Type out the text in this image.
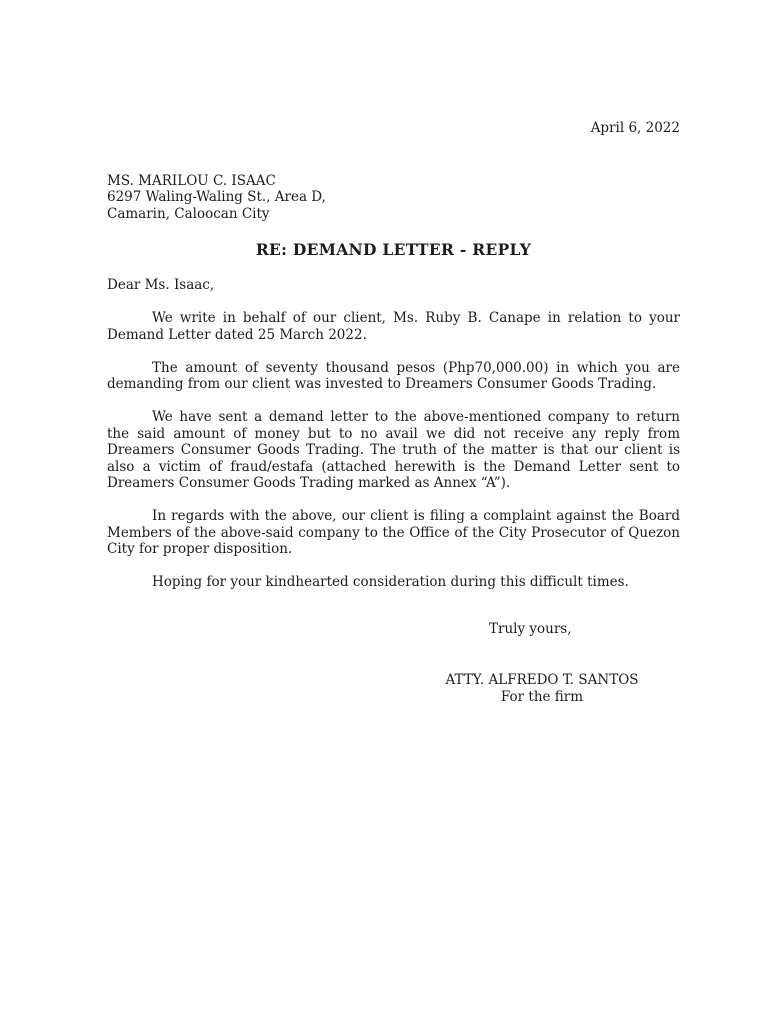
April 6, 2022
MS. MARILOU C. ISAAC
6297 Waling-Waling St., Area D,
Camarin, Caloocan City
RE: DEMAND LETTER - REPLY
Dear Ms. Isaac,

We write in behalf of our client, Ms. Ruby B. Canape in relation to your Demand Letter dated 25 March 2022.

The amount of seventy thousand pesos (Php70,000.00) in which you are demanding from our client was invested to Dreamers Consumer Goods Trading.

We have sent a demand letter to the above-mentioned company to return the said amount of money but to no avail we did not receive any reply from Dreamers Consumer Goods Trading. The truth of the matter is that our client is also a victim of fraud/estafa (attached herewith is the Demand Letter sent to Dreamers Consumer Goods Trading marked as Annex “A”).

In regards with the above, our client is filing a complaint against the Board Members of the above-said company to the Office of the City Prosecutor of Quezon City for proper disposition.

Hoping for your kindhearted consideration during this difficult times.

Truly yours,
ATTY. ALFREDO T. SANTOS
For the firm
